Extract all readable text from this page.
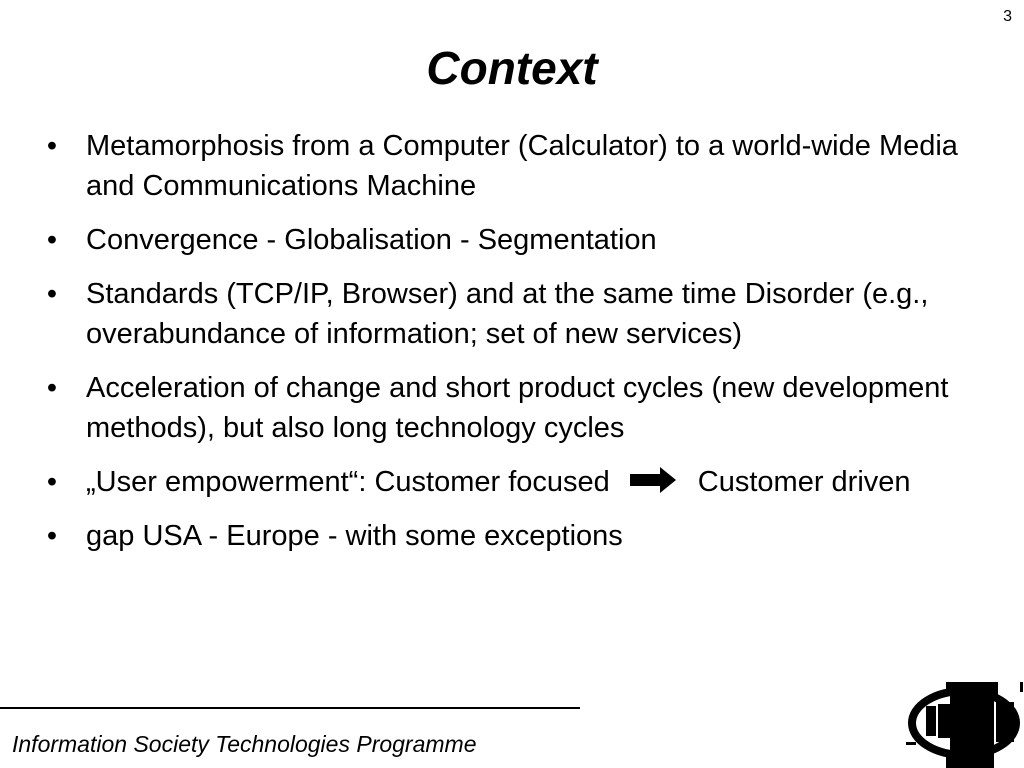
3
Context
• Metamorphosis from a Computer (Calculator) to a world-wide Media and Communications Machine
• Convergence - Globalisation - Segmentation
• Standards (TCP/IP, Browser) and at the same time Disorder (e.g., overabundance of information; set of new services)
• Acceleration of change and short product cycles (new development methods), but also long technology cycles
• „User empowerment“: Customer focused	Customer driven
• gap USA - Europe - with some exceptions
Information Society Technologies Programme
